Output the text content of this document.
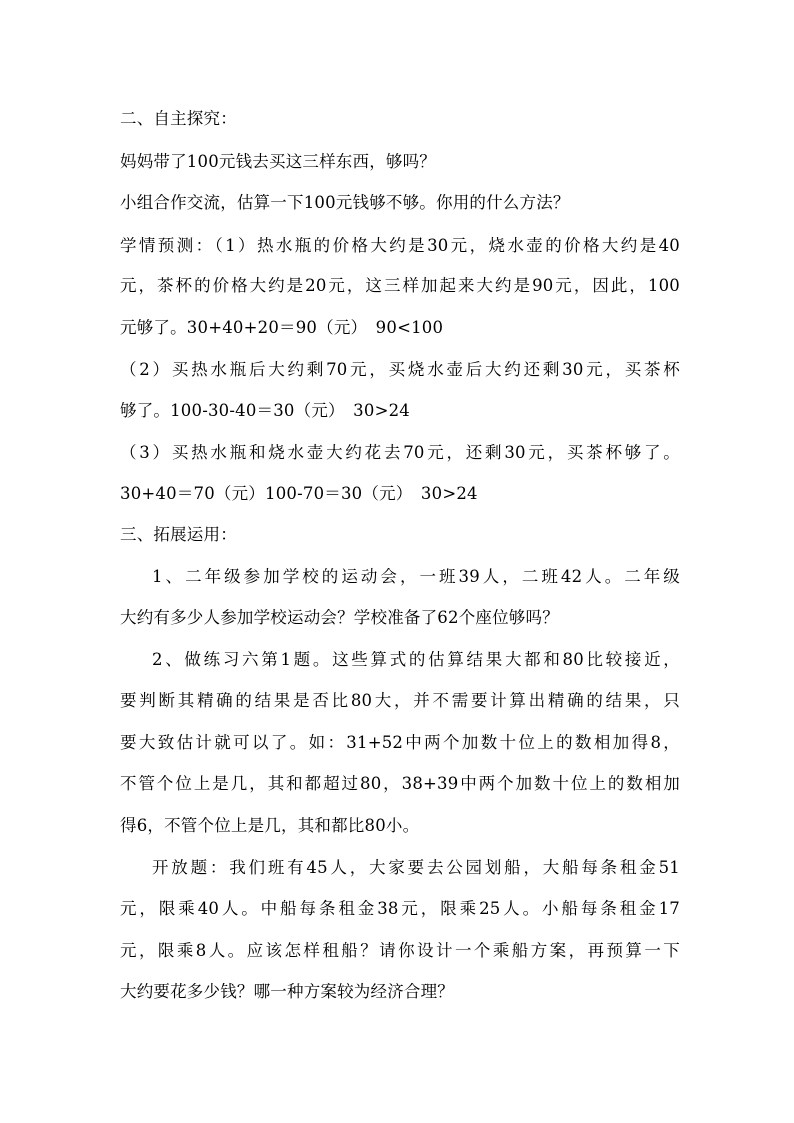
二、自主探究：
妈妈带了100元钱去买这三样东西，够吗？
小组合作交流，估算一下100元钱够不够。你用的什么方法？
学情预测：（1）热水瓶的价格大约是30元，烧水壶的价格大约是40
元，茶杯的价格大约是20元，这三样加起来大约是90元，因此，100
元够了。30+40+20＝90（元）　90<100
（2）买热水瓶后大约剩70元，买烧水壶后大约还剩30元，买茶杯
够了。100-30-40＝30（元）　30>24
（3）买热水瓶和烧水壶大约花去70元，还剩30元，买茶杯够了。
30+40＝70（元）100-70＝30（元）　30>24
三、拓展运用：
1、二年级参加学校的运动会，一班39人，二班42人。二年级
大约有多少人参加学校运动会？学校准备了62个座位够吗？
2、做练习六第1题。这些算式的估算结果大都和80比较接近，
要判断其精确的结果是否比80大，并不需要计算出精确的结果，只
要大致估计就可以了。如：31+52中两个加数十位上的数相加得8，
不管个位上是几，其和都超过80，38+39中两个加数十位上的数相加
得6，不管个位上是几，其和都比80小。
开放题：我们班有45人，大家要去公园划船，大船每条租金51
元，限乘40人。中船每条租金38元，限乘25人。小船每条租金17
元，限乘8人。应该怎样租船？请你设计一个乘船方案，再预算一下
大约要花多少钱？哪一种方案较为经济合理？
